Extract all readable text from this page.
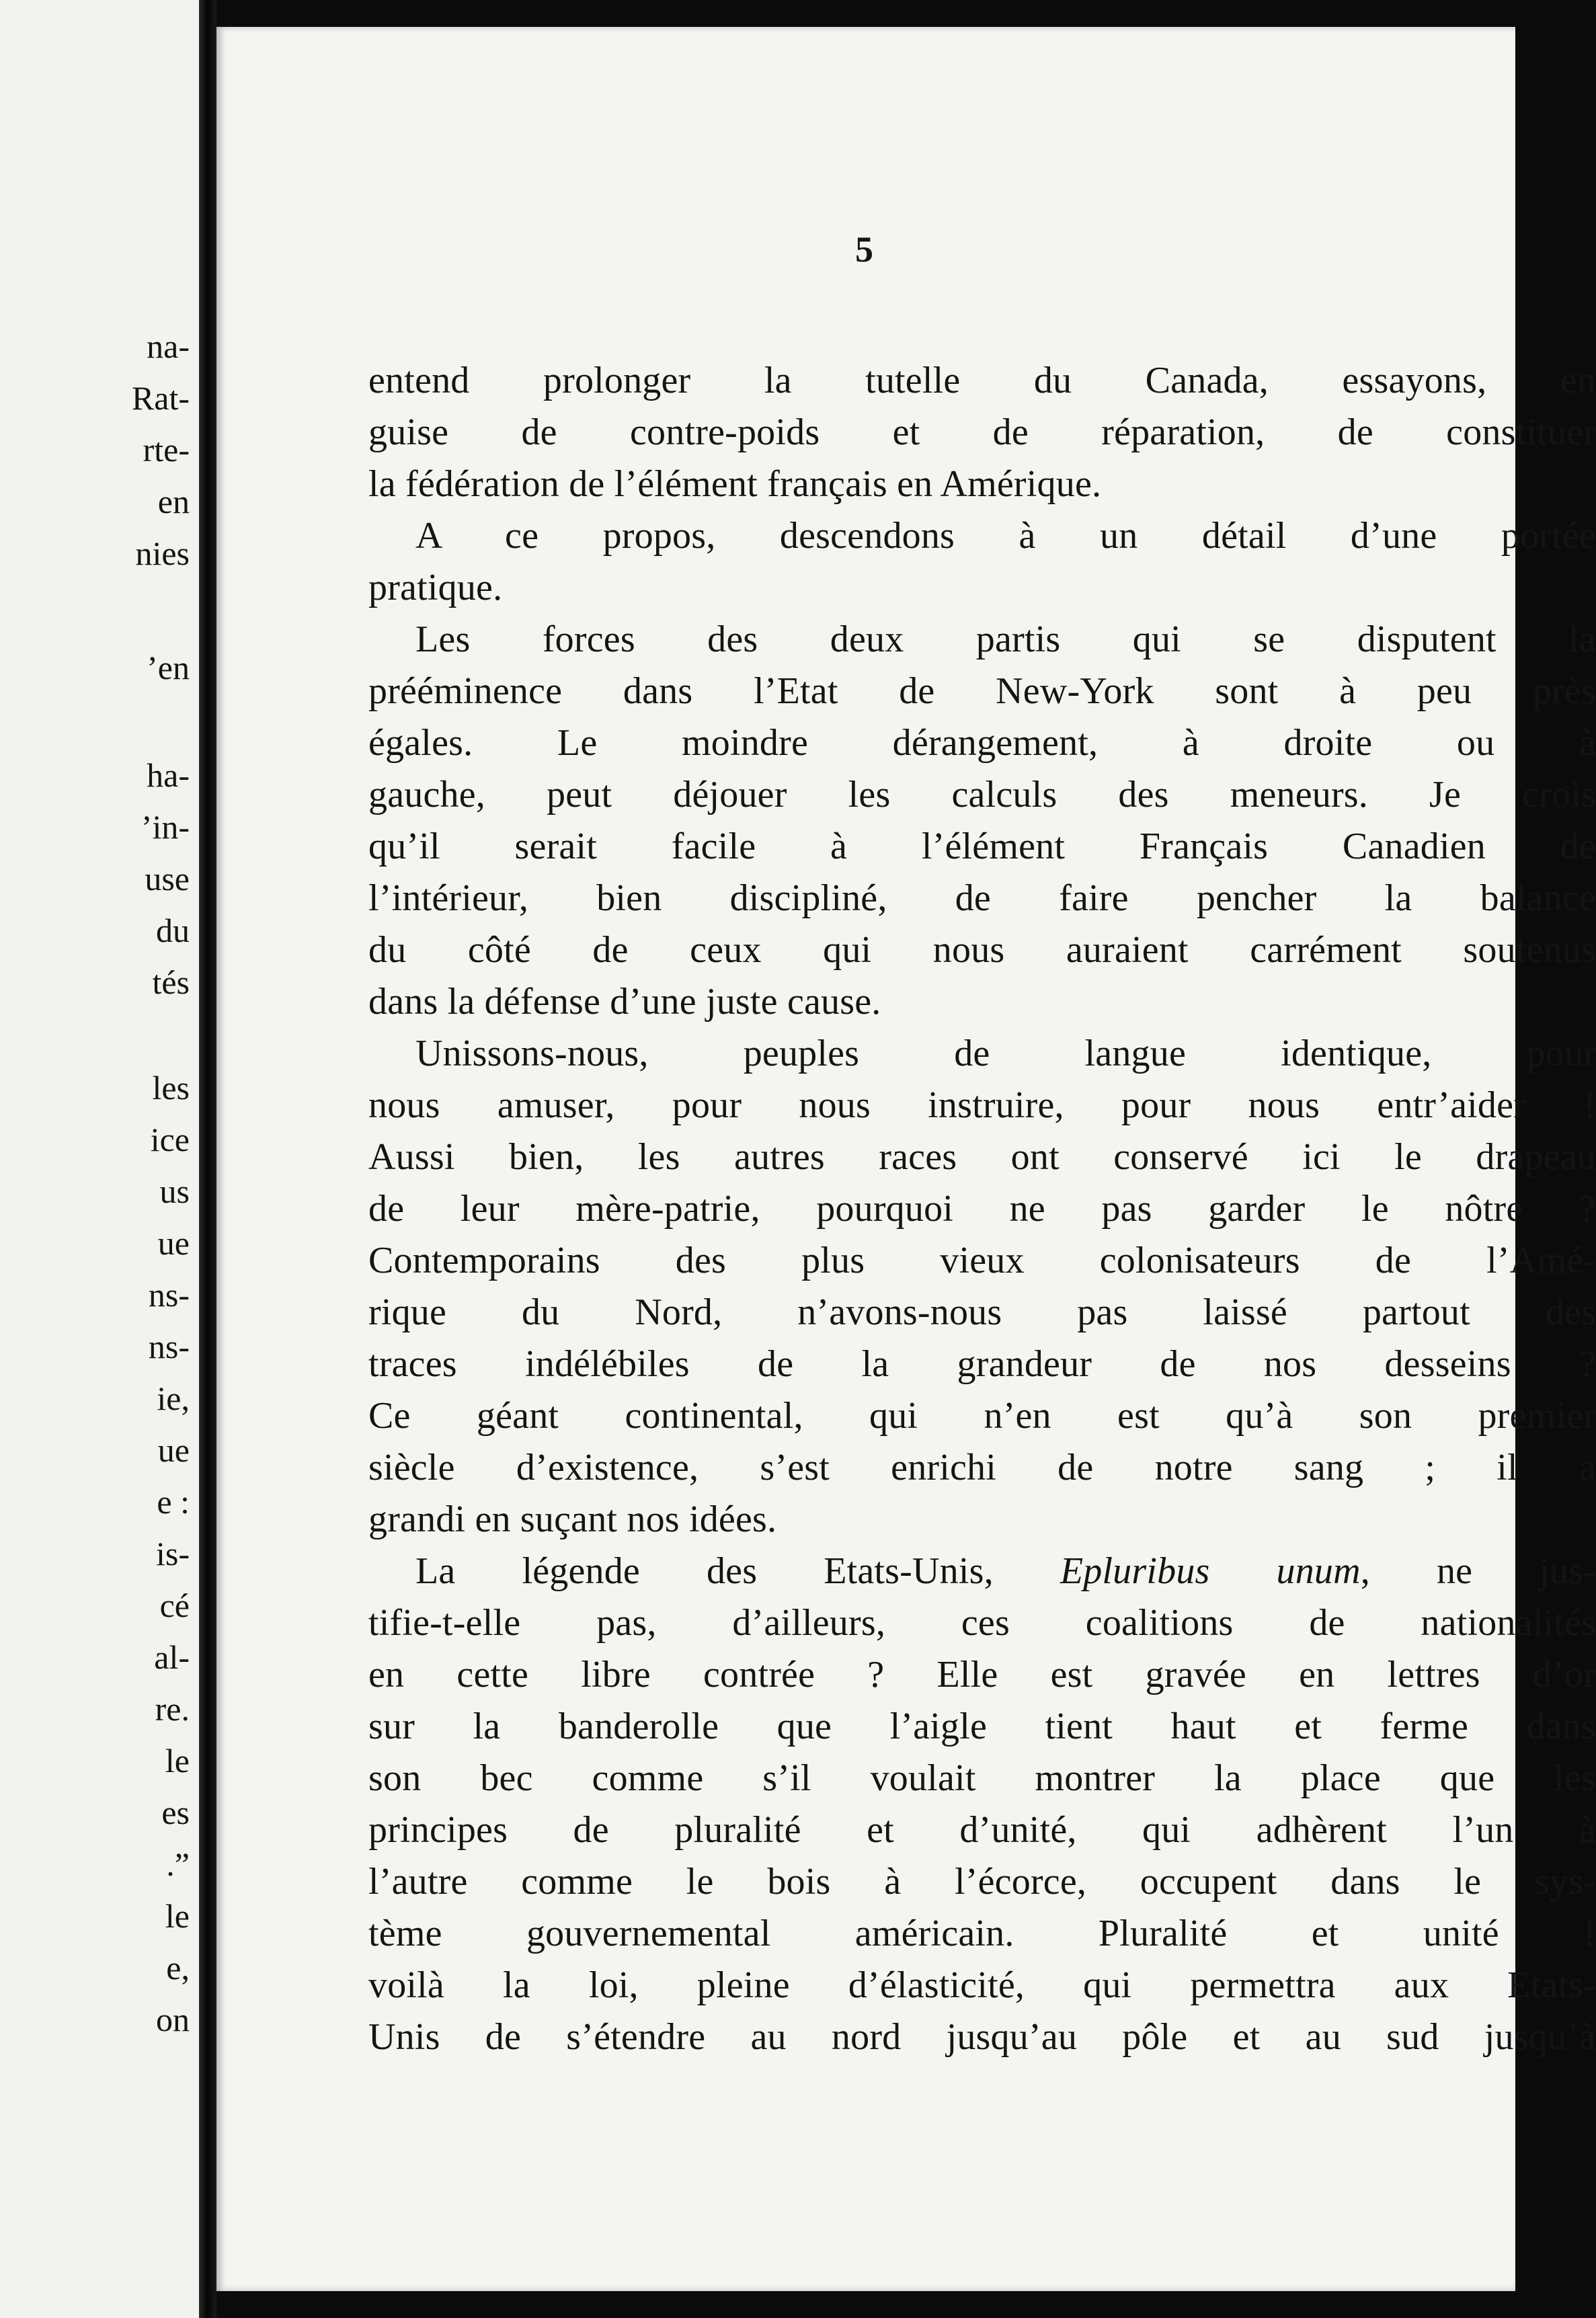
na-
Rat-
rte-
en
nies
’en
ha-
’in-
use
du
tés
les
ice
us
ue
ns-
ns-
ie,
ue
e :
is-
cé
al-
re.
le
es
.”
le
e,
on
5
entend prolonger la tutelle du Canada, essayons, en
guise de contre-poids et de réparation, de constituer
la fédération de l’élément français en Amérique.
A ce propos, descendons à un détail d’une portée
pratique.
Les forces des deux partis qui se disputent la
prééminence dans l’Etat de New-York sont à peu près
égales. Le moindre dérangement, à droite ou à
gauche, peut déjouer les calculs des meneurs. Je crois
qu’il serait facile à l’élément Français Canadien de
l’intérieur, bien discipliné, de faire pencher la balance
du côté de ceux qui nous auraient carrément soutenus
dans la défense d’une juste cause.
Unissons-nous, peuples de langue identique, pour
nous amuser, pour nous instruire, pour nous entr’aider !
Aussi bien, les autres races ont conservé ici le drapeau
de leur mère-patrie, pourquoi ne pas garder le nôtre ?
Contemporains des plus vieux colonisateurs de l’Amé-
rique du Nord, n’avons-nous pas laissé partout des
traces indélébiles de la grandeur de nos desseins ?
Ce géant continental, qui n’en est qu’à son premier
siècle d’existence, s’est enrichi de notre sang ; il a
grandi en suçant nos idées.
La légende des Etats-Unis, Epluribus unum, ne jus-
tifie-t-elle pas, d’ailleurs, ces coalitions de nationalités
en cette libre contrée ? Elle est gravée en lettres d’or
sur la banderolle que l’aigle tient haut et ferme dans
son bec comme s’il voulait montrer la place que les
principes de pluralité et d’unité, qui adhèrent l’un à
l’autre comme le bois à l’écorce, occupent dans le sys-
tème gouvernemental américain. Pluralité et unité !
voilà la loi, pleine d’élasticité, qui permettra aux Etats-
Unis de s’étendre au nord jusqu’au pôle et au sud jusqu’à
